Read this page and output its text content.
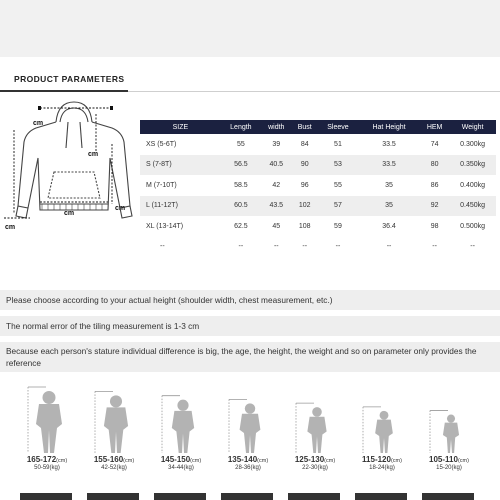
PRODUCT PARAMETERS
cm
cm
cm
cm
cm
SIZE	Length	width	Bust	Sleeve	Hat Height	HEM	Weight
XS (5-6T)	55	39	84	51	33.5	74	0.300kg
S (7-8T)	56.5	40.5	90	53	33.5	80	0.350kg
M (7-10T)	58.5	42	96	55	35	86	0.400kg
L (11-12T)	60.5	43.5	102	57	35	92	0.450kg
XL (13-14T)	62.5	45	108	59	36.4	98	0.500kg
--	--	--	--	--	--	--	--
Please choose according to your actual height (shoulder width, chest measurement, etc.)
The normal error of the tiling measurement is 1-3 cm
Because each person's stature individual difference is big, the age, the height, the weight and so on parameter only provides the reference
165-172(cm)
50-59(kg)
155-160(cm)
42-52(kg)
145-150(cm)
34-44(kg)
135-140(cm)
28-36(kg)
125-130(cm)
22-30(kg)
115-120(cm)
18-24(kg)
105-110(cm)
15-20(kg)
